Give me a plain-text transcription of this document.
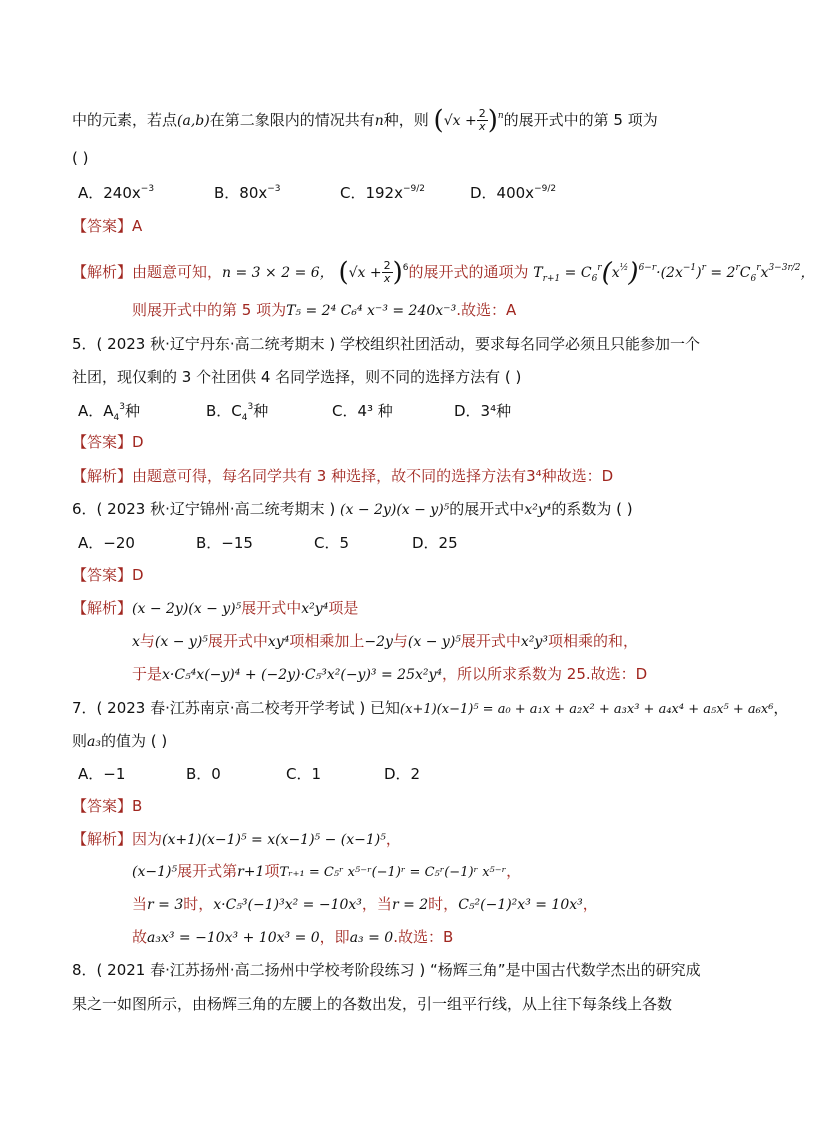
中的元素，若点(a,b)在第二象限内的情况共有n种，则 $(√x + \frac{2}{x} )^n$的展开式中的第 5 项为
( )
A．$240x^{-3}$	B．$80x^{-3}$	C．$192x^{-9/2}$	D．$400x^{-9/2}$
【答案】A
【解析】由题意可知，n = 3 × 2 = 6， $(√x + \frac{2}{x} )^6$的展开式的通项为 $T_{r+1} = C_6^r(x^{\frac{1}{2}})^{6-r}\cdot(2x^{-1})^r = 2^rC_6^rx^{3-3r/2}$，
则展开式中的第 5 项为T₅ = 2⁴ C₆⁴ x⁻³ = 240x⁻³.故选：A
5．( 2023 秋·辽宁丹东·高二统考期末 ) 学校组织社团活动，要求每名同学必须且只能参加一个
社团，现仅剩的 3 个社团供 4 名同学选择，则不同的选择方法有 ( )
A．$A_4^3$种	B．$C_4^3$种	C．4³ 种	D．3⁴种
【答案】D
【解析】由题意可得，每名同学共有 3 种选择，故不同的选择方法有3⁴种故选：D
6．( 2023 秋·辽宁锦州·高二统考期末 ) (x − 2y)(x − y)⁵的展开式中x²y⁴的系数为 ( )
A．−20	B．−15	C．5	D．25
【答案】D
【解析】(x − 2y)(x − y)⁵展开式中x²y⁴项是
x与(x − y)⁵展开式中xy⁴项相乘加上−2y与(x − y)⁵展开式中x²y³项相乘的和，
于是x·C₅⁴x(−y)⁴ + (−2y)·C₅³x²(−y)³ = 25x²y⁴，所以所求系数为 25.故选：D
7．( 2023 春·江苏南京·高二校考开学考试 ) 已知(x+1)(x−1)⁵ = a₀ + a₁x + a₂x² + a₃x³ + a₄x⁴ + a₅x⁵ + a₆x⁶，
则a₃的值为 ( )
A．−1	B．0	C．1	D．2
【答案】B
【解析】因为(x+1)(x−1)⁵ = x(x−1)⁵ − (x−1)⁵，
(x−1)⁵展开式第r+1项Tᵣ₊₁ = C₅ʳ x⁵⁻ʳ(−1)ʳ = C₅ʳ(−1)ʳ x⁵⁻ʳ，
当r = 3时，x·C₅³(−1)³x² = −10x³，当r = 2时，C₅²(−1)²x³ = 10x³，
故a₃x³ = −10x³ + 10x³ = 0，即a₃ = 0.故选：B
8．( 2021 春·江苏扬州·高二扬州中学校考阶段练习 ) “杨辉三角”是中国古代数学杰出的研究成
果之一如图所示，由杨辉三角的左腰上的各数出发，引一组平行线，从上往下每条线上各数
